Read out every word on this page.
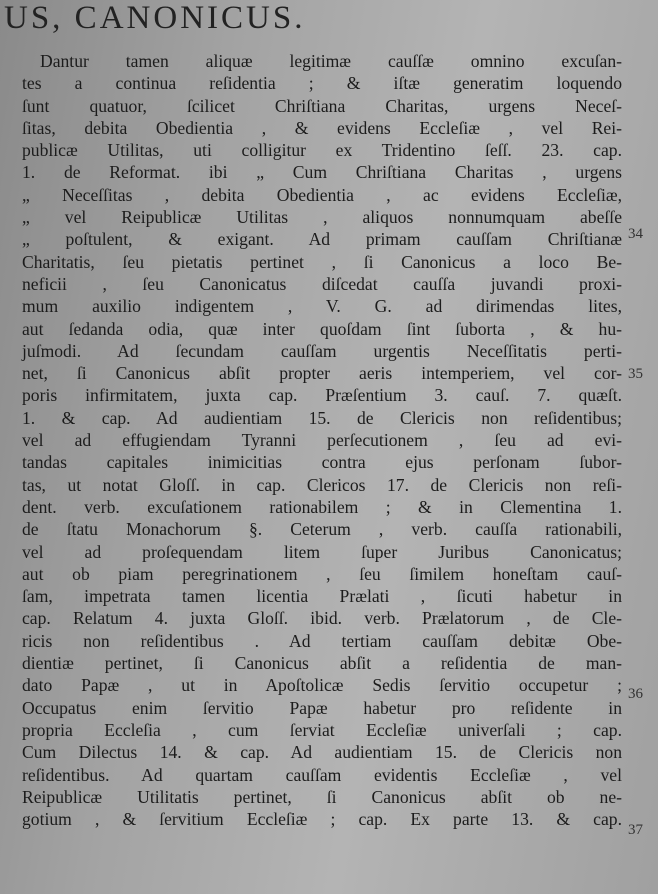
US, CANONICUS.
Dantur tamen aliquæ legitimæ cauſſæ omnino excuſan-
tes a continua reſidentia ; & iſtæ generatim loquendo
ſunt quatuor, ſcilicet Chriſtiana Charitas, urgens Neceſ-
ſitas, debita Obedientia , & evidens Eccleſiæ , vel Rei-
publicæ Utilitas, uti colligitur ex Tridentino ſeſſ. 23. cap.
1. de Reformat. ibi „ Cum Chriſtiana Charitas , urgens
„ Neceſſitas , debita Obedientia , ac evidens Eccleſiæ,
„ vel Reipublicæ Utilitas , aliquos nonnumquam abeſſe
„ poſtulent, & exigant. Ad primam cauſſam Chriſtianæ
Charitatis, ſeu pietatis pertinet , ſi Canonicus a loco Be-
neficii , ſeu Canonicatus diſcedat cauſſa juvandi proxi-
mum auxilio indigentem , V. G. ad dirimendas lites,
aut ſedanda odia, quæ inter quoſdam ſint ſuborta , & hu-
juſmodi. Ad ſecundam cauſſam urgentis Neceſſitatis perti-
net, ſi Canonicus abſit propter aeris intemperiem, vel cor-
poris infirmitatem, juxta cap. Præſentium 3. cauſ. 7. quæſt.
1. & cap. Ad audientiam 15. de Clericis non reſidentibus;
vel ad effugiendam Tyranni perſecutionem , ſeu ad evi-
tandas capitales inimicitias contra ejus perſonam ſubor-
tas, ut notat Gloſſ. in cap. Clericos 17. de Clericis non reſi-
dent. verb. excuſationem rationabilem ; & in Clementina 1.
de ſtatu Monachorum §. Ceterum , verb. cauſſa rationabili,
vel ad proſequendam litem ſuper Juribus Canonicatus;
aut ob piam peregrinationem , ſeu ſimilem honeſtam cauſ-
ſam, impetrata tamen licentia Prælati , ſicuti habetur in
cap. Relatum 4. juxta Gloſſ. ibid. verb. Prælatorum , de Cle-
ricis non reſidentibus . Ad tertiam cauſſam debitæ Obe-
dientiæ pertinet, ſi Canonicus abſit a reſidentia de man-
dato Papæ , ut in Apoſtolicæ Sedis ſervitio occupetur ;
Occupatus enim ſervitio Papæ habetur pro reſidente in
propria Eccleſia , cum ſerviat Eccleſiæ univerſali ; cap.
Cum Dilectus 14. & cap. Ad audientiam 15. de Clericis non
reſidentibus. Ad quartam cauſſam evidentis Eccleſiæ , vel
Reipublicæ Utilitatis pertinet, ſi Canonicus abſit ob ne-
gotium , & ſervitium Eccleſiæ ; cap. Ex parte 13. & cap.
34
35
36
37
